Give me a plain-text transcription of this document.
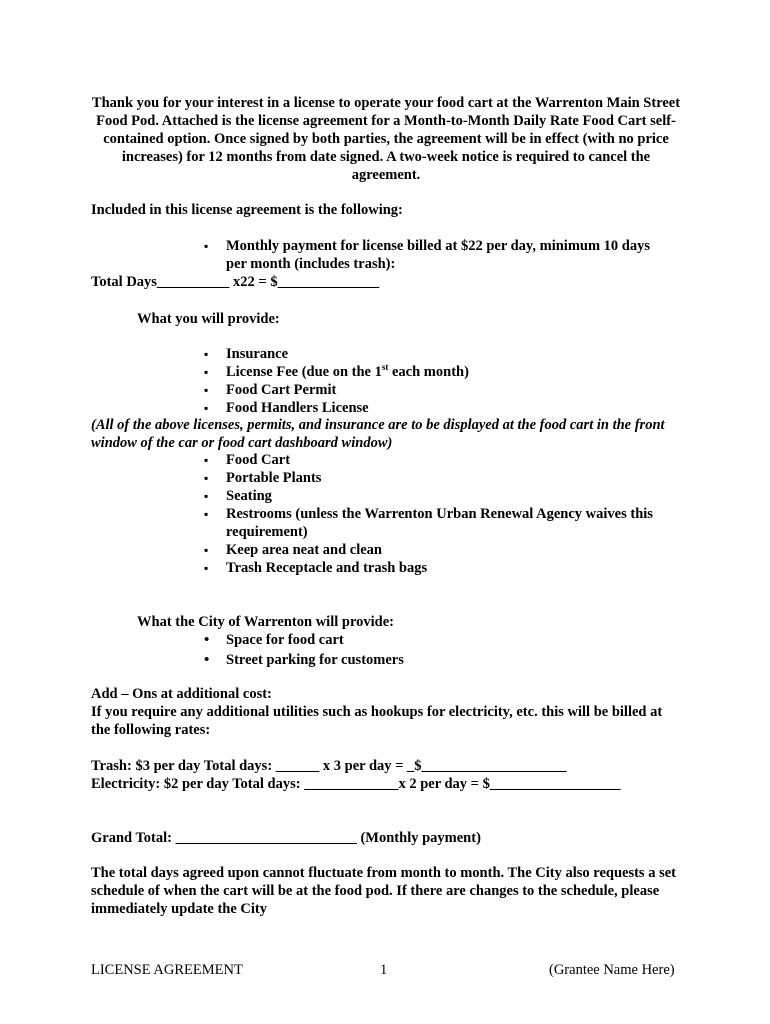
Thank you for your interest in a license to operate your food cart at the Warrenton Main Street Food Pod. Attached is the license agreement for a Month-to-Month Daily Rate Food Cart self-contained option. Once signed by both parties, the agreement will be in effect (with no price increases) for 12 months from date signed. A two-week notice is required to cancel the agreement.
Included in this license agreement is the following:
▪
Monthly payment for license billed at $22 per day, minimum 10 days per month (includes trash):
Total Days__________ x22 = $______________
What you will provide:
▪
Insurance
▪
License Fee (due on the 1st each month)
▪
Food Cart Permit
▪
Food Handlers License
(All of the above licenses, permits, and insurance are to be displayed at the food cart in the front window of the car or food cart dashboard window)
▪
Food Cart
▪
Portable Plants
▪
Seating
▪
Restrooms (unless the Warrenton Urban Renewal Agency waives this requirement)
▪
Keep area neat and clean
▪
Trash Receptacle and trash bags
What the City of Warrenton will provide:
•
Space for food cart
•
Street parking for customers
Add – Ons at additional cost:
If you require any additional utilities such as hookups for electricity, etc. this will be billed at the following rates:
Trash: $3 per day Total days: ______ x 3 per day = _$____________________
Electricity: $2 per day Total days: _____________x 2 per day = $__________________
Grand Total: _________________________ (Monthly payment)
The total days agreed upon cannot fluctuate from month to month. The City also requests a set schedule of when the cart will be at the food pod. If there are changes to the schedule, please immediately update the City
LICENSE AGREEMENT	1	(Grantee Name Here)
